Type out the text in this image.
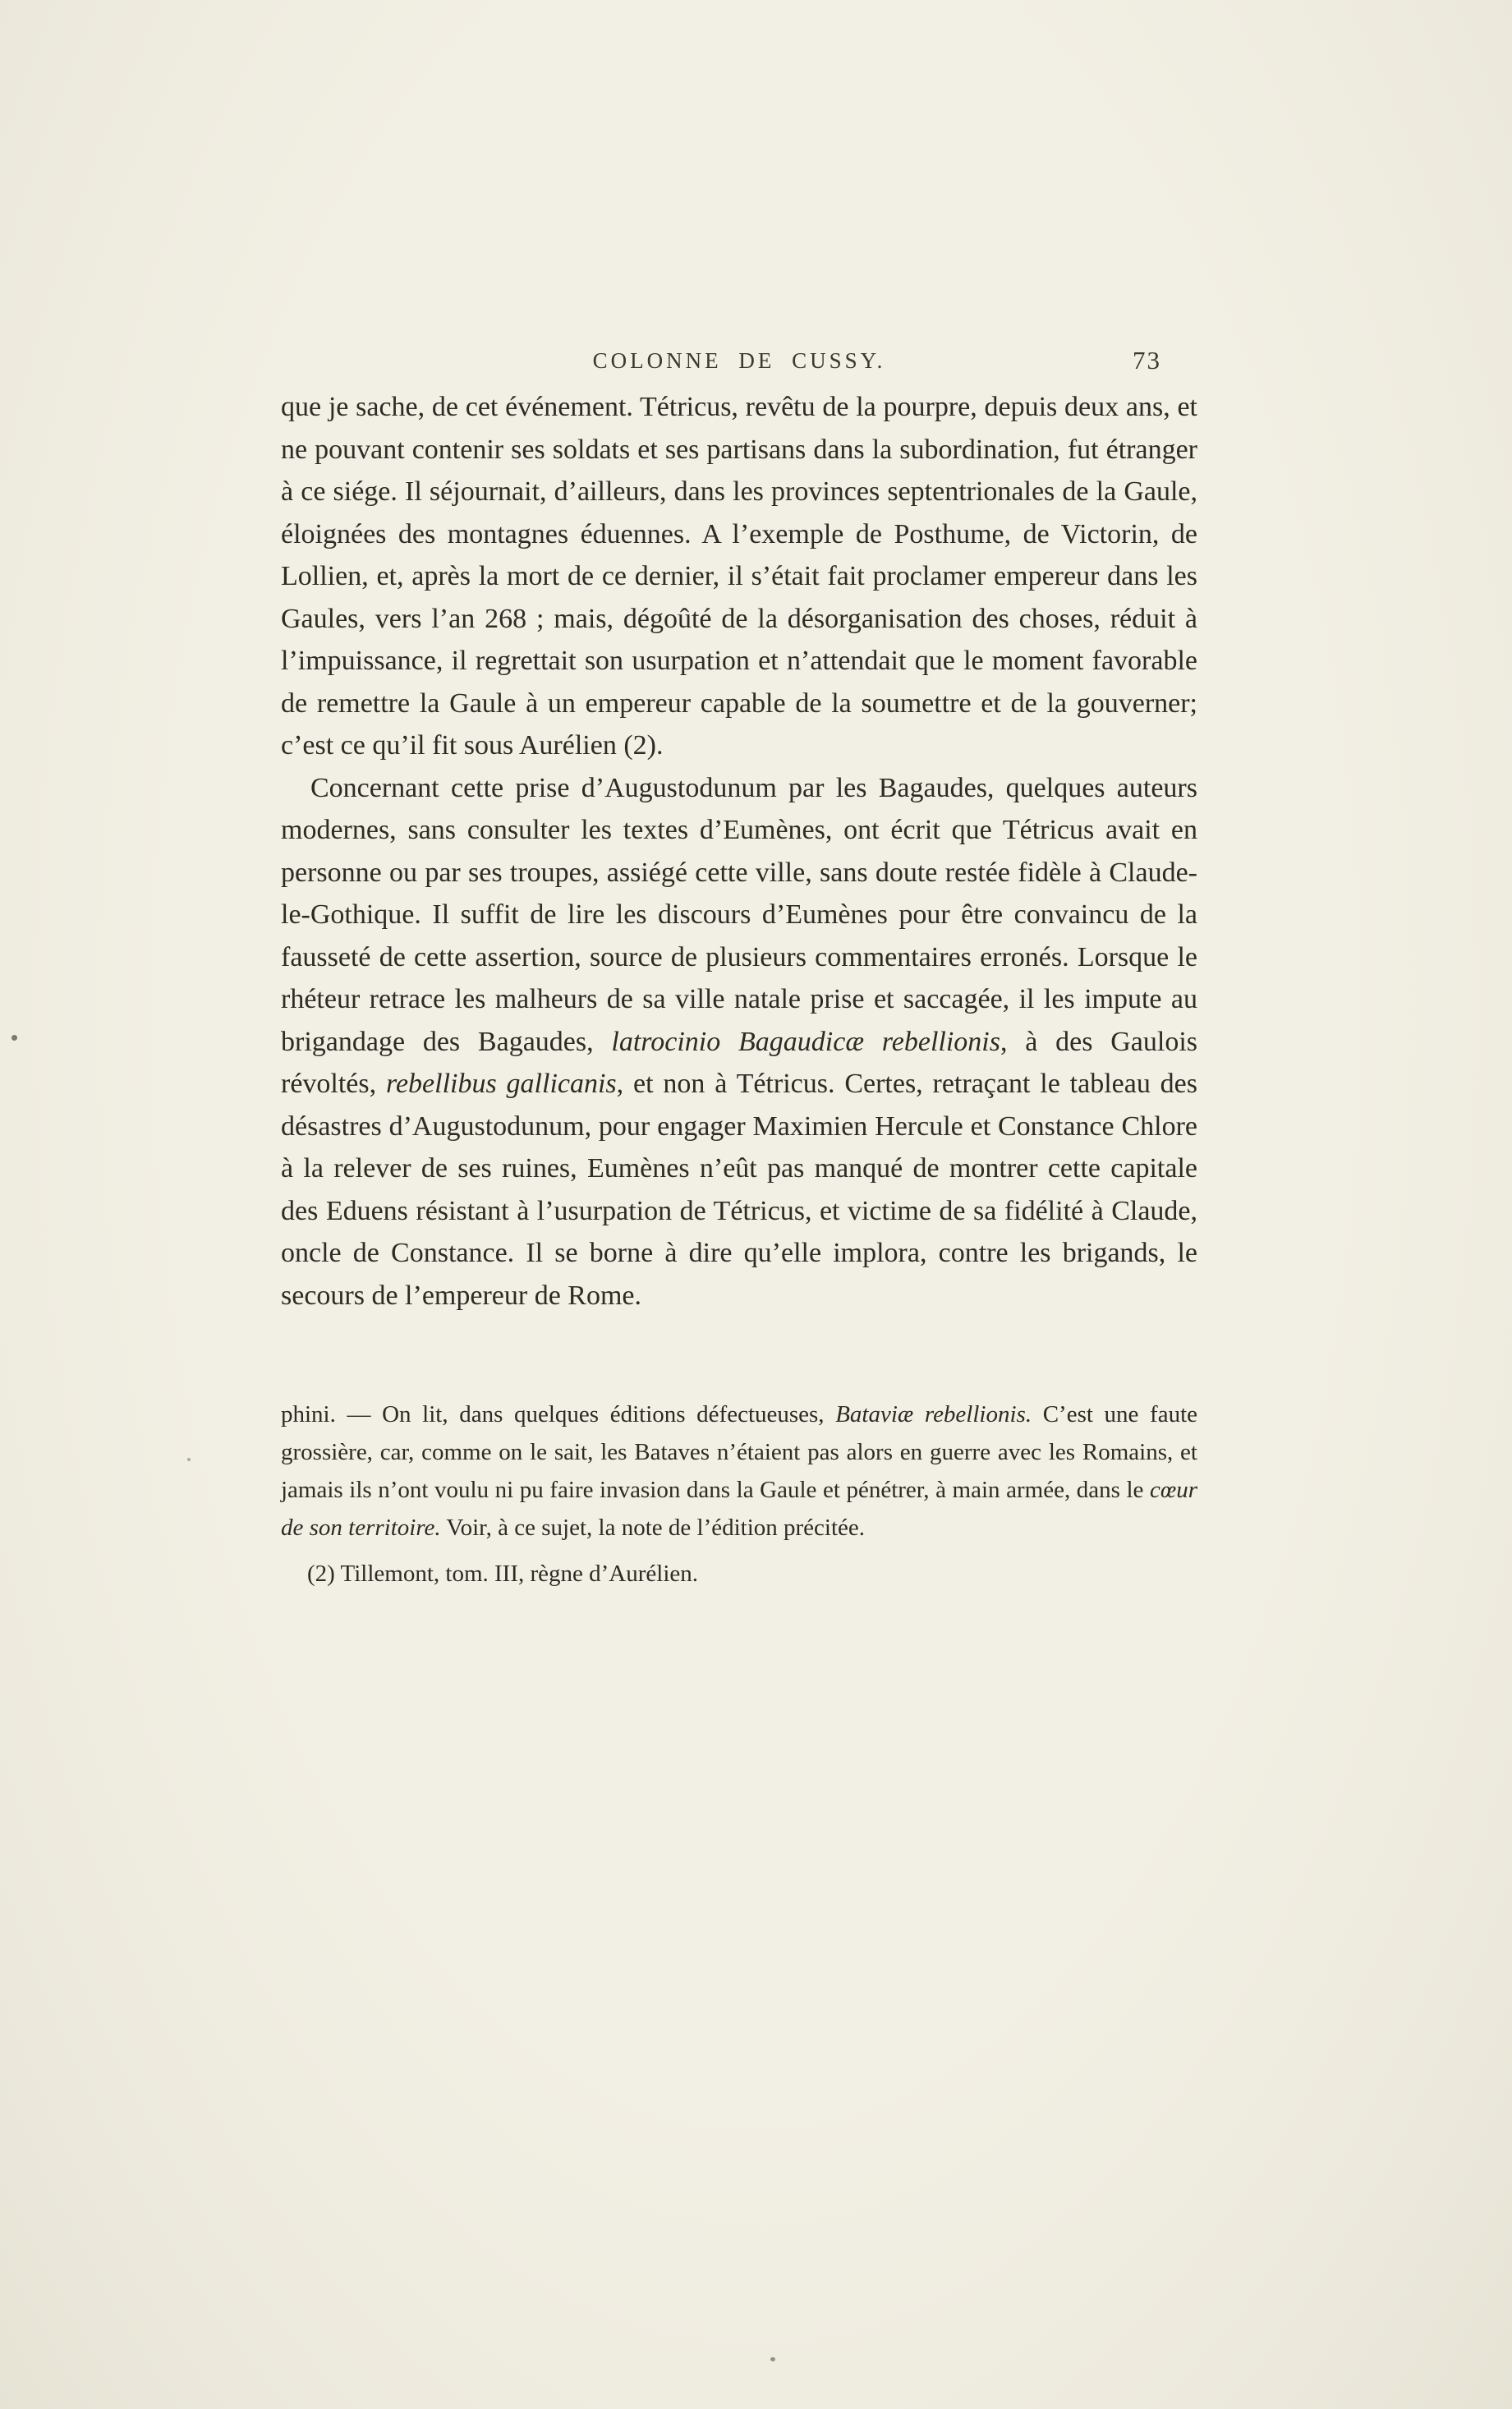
COLONNE DE CUSSY.	73

que je sache, de cet événement. Tétricus, revêtu de la pourpre, depuis deux ans, et ne pouvant contenir ses soldats et ses partisans dans la subordination, fut étranger à ce siége. Il séjournait, d’ailleurs, dans les provinces septentrionales de la Gaule, éloignées des montagnes éduennes. A l’exemple de Posthume, de Victorin, de Lollien, et, après la mort de ce dernier, il s’était fait proclamer empereur dans les Gaules, vers l’an 268 ; mais, dégoûté de la désorganisation des choses, réduit à l’impuissance, il regrettait son usurpation et n’attendait que le moment favorable de remettre la Gaule à un empereur capable de la soumettre et de la gouverner; c’est ce qu’il fit sous Aurélien (2).

Concernant cette prise d’Augustodunum par les Bagaudes, quelques auteurs modernes, sans consulter les textes d’Eumènes, ont écrit que Tétricus avait en personne ou par ses troupes, assiégé cette ville, sans doute restée fidèle à Claude-le-Gothique. Il suffit de lire les discours d’Eumènes pour être convaincu de la fausseté de cette assertion, source de plusieurs commentaires erronés. Lorsque le rhéteur retrace les malheurs de sa ville natale prise et saccagée, il les impute au brigandage des Bagaudes, latrocinio Bagaudicæ rebellionis, à des Gaulois révoltés, rebellibus gallicanis, et non à Tétricus. Certes, retraçant le tableau des désastres d’Augustodunum, pour engager Maximien Hercule et Constance Chlore à la relever de ses ruines, Eumènes n’eût pas manqué de montrer cette capitale des Eduens résistant à l’usurpation de Tétricus, et victime de sa fidélité à Claude, oncle de Constance. Il se borne à dire qu’elle implora, contre les brigands, le secours de l’empereur de Rome.

phini. — On lit, dans quelques éditions défectueuses, Bataviæ rebellionis. C’est une faute grossière, car, comme on le sait, les Bataves n’étaient pas alors en guerre avec les Romains, et jamais ils n’ont voulu ni pu faire invasion dans la Gaule et pénétrer, à main armée, dans le cœur de son territoire. Voir, à ce sujet, la note de l’édition précitée.

(2) Tillemont, tom. III, règne d’Aurélien.
